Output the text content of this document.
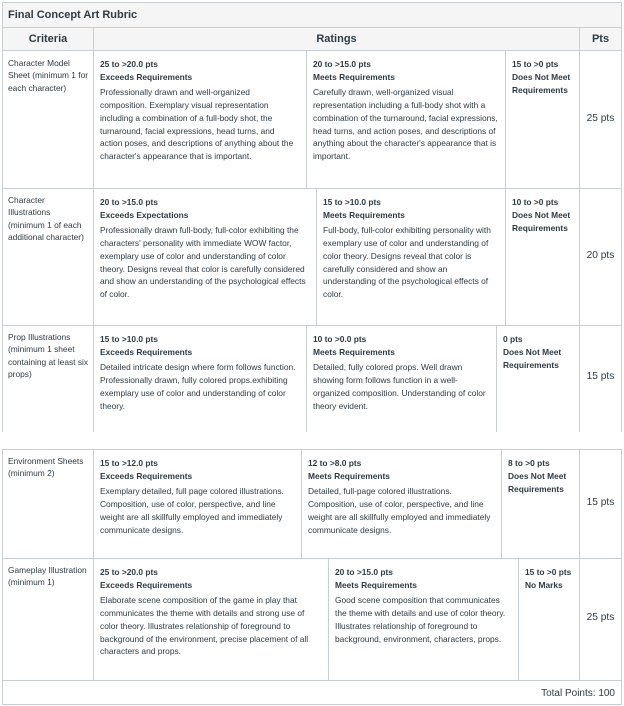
Final Concept Art Rubric
Criteria	Ratings	Pts
Character Model Sheet (minimum 1 for each character)
25 to >20.0 pts
Exceeds Requirements
Professionally drawn and well-organized composition. Exemplary visual representation including a combination of a full-body shot, the turnaround, facial expressions, head turns, and action poses, and descriptions of anything about the character's appearance that is important.
20 to >15.0 pts
Meets Requirements
Carefully drawn, well-organized visual representation including a full-body shot with a combination of the turnaround, facial expressions, head turns, and action poses, and descriptions of anything about the character's appearance that is important.
15 to >0 pts
Does Not Meet Requirements
25 pts
Character Illustrations (minimum 1 of each additional character)
20 to >15.0 pts
Exceeds Expectations
Professionally drawn full-body, full-color exhibiting the characters' personality with immediate WOW factor, exemplary use of color and understanding of color theory. Designs reveal that color is carefully considered and show an understanding of the psychological effects of color.
15 to >10.0 pts
Meets Requirements
Full-body, full-color exhibiting personality with exemplary use of color and understanding of color theory. Designs reveal that color is carefully considered and show an understanding of the psychological effects of color.
10 to >0 pts
Does Not Meet Requirements
20 pts
Prop Illustrations (minimum 1 sheet containing at least six props)
15 to >10.0 pts
Exceeds Requirements
Detailed intricate design where form follows function. Professionally drawn, fully colored props.exhibiting exemplary use of color and understanding of color theory.
10 to >0.0 pts
Meets Requirements
Detailed, fully colored props. Well drawn showing form follows function in a well-organized composition. Understanding of color theory evident.
0 pts
Does Not Meet Requirements
15 pts
Environment Sheets (minimum 2)
15 to >12.0 pts
Exceeds Requirements
Exemplary detailed, full page colored illustrations. Composition, use of color, perspective, and line weight are all skillfully employed and immediately communicate designs.
12 to >8.0 pts
Meets Requirements
Detailed, full-page colored illustrations. Composition, use of color, perspective, and line weight are all skillfully employed and immediately communicate designs.
8 to >0 pts
Does Not Meet Requirements
15 pts
Gameplay Illustration (minimum 1)
25 to >20.0 pts
Exceeds Requirements
Elaborate scene composition of the game in play that communicates the theme with details and strong use of color theory. Illustrates relationship of foreground to background of the environment, precise placement of all characters and props.
20 to >15.0 pts
Meets Requirements
Good scene composition that communicates the theme with details and use of color theory. Illustrates relationship of foreground to background, environment, characters, props.
15 to >0 pts
No Marks
25 pts
Total Points: 100
